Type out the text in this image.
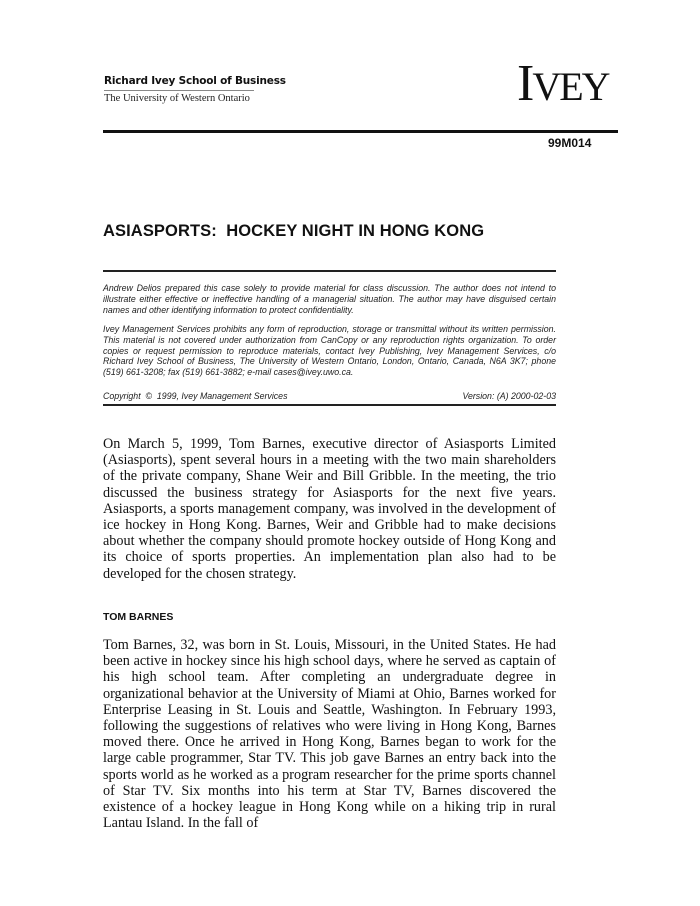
Richard Ivey School of Business
The University of Western Ontario	IVEY
99M014
ASIASPORTS:  HOCKEY NIGHT IN HONG KONG
Andrew Delios prepared this case solely to provide material for class discussion. The author does not intend to illustrate either effective or ineffective handling of a managerial situation. The author may have disguised certain names and other identifying information to protect confidentiality.
Ivey Management Services prohibits any form of reproduction, storage or transmittal without its written permission. This material is not covered under authorization from CanCopy or any reproduction rights organization. To order copies or request permission to reproduce materials, contact Ivey Publishing, Ivey Management Services, c/o Richard Ivey School of Business, The University of Western Ontario, London, Ontario, Canada, N6A 3K7; phone (519) 661-3208; fax (519) 661-3882; e-mail cases@ivey.uwo.ca.
Copyright  ©  1999, Ivey Management Services	Version: (A) 2000-02-03
On March 5, 1999, Tom Barnes, executive director of Asiasports Limited (Asiasports), spent several hours in a meeting with the two main shareholders of the private company, Shane Weir and Bill Gribble. In the meeting, the trio discussed the business strategy for Asiasports for the next five years. Asiasports, a sports management company, was involved in the development of ice hockey in Hong Kong. Barnes, Weir and Gribble had to make decisions about whether the company should promote hockey outside of Hong Kong and its choice of sports properties. An implementation plan also had to be developed for the chosen strategy.
TOM BARNES
Tom Barnes, 32, was born in St. Louis, Missouri, in the United States. He had been active in hockey since his high school days, where he served as captain of his high school team. After completing an undergraduate degree in organizational behavior at the University of Miami at Ohio, Barnes worked for Enterprise Leasing in St. Louis and Seattle, Washington. In February 1993, following the suggestions of relatives who were living in Hong Kong, Barnes moved there. Once he arrived in Hong Kong, Barnes began to work for the large cable programmer, Star TV. This job gave Barnes an entry back into the sports world as he worked as a program researcher for the prime sports channel of Star TV. Six months into his term at Star TV, Barnes discovered the existence of a hockey league in Hong Kong while on a hiking trip in rural Lantau Island. In the fall of
